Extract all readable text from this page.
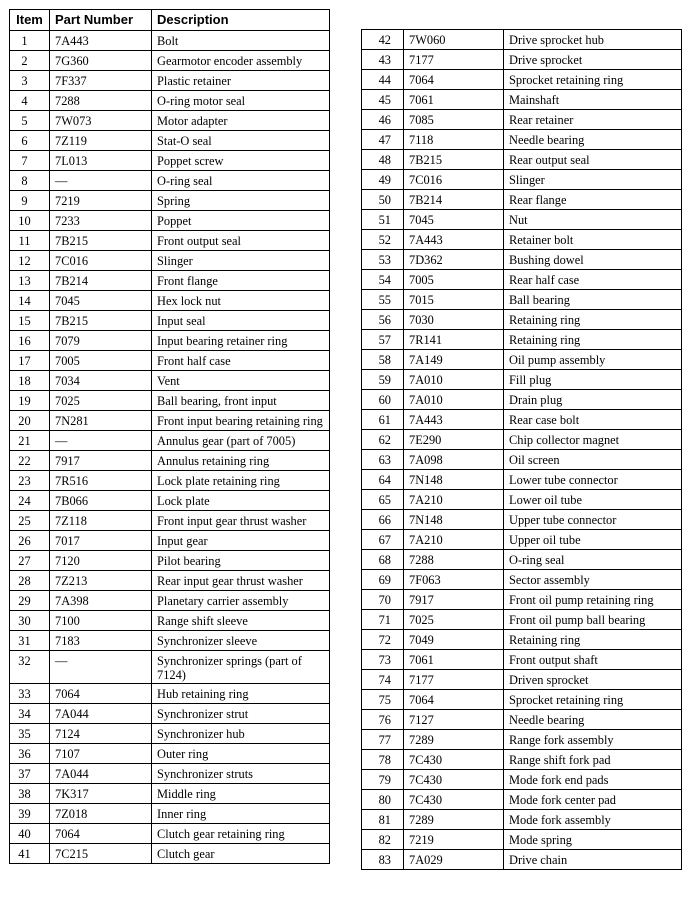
Item	Part Number	Description
1	7A443	Bolt
2	7G360	Gearmotor encoder assembly
3	7F337	Plastic retainer
4	7288	O-ring motor seal
5	7W073	Motor adapter
6	7Z119	Stat-O seal
7	7L013	Poppet screw
8	—	O-ring seal
9	7219	Spring
10	7233	Poppet
11	7B215	Front output seal
12	7C016	Slinger
13	7B214	Front flange
14	7045	Hex lock nut
15	7B215	Input seal
16	7079	Input bearing retainer ring
17	7005	Front half case
18	7034	Vent
19	7025	Ball bearing, front input
20	7N281	Front input bearing retaining ring
21	—	Annulus gear (part of 7005)
22	7917	Annulus retaining ring
23	7R516	Lock plate retaining ring
24	7B066	Lock plate
25	7Z118	Front input gear thrust washer
26	7017	Input gear
27	7120	Pilot bearing
28	7Z213	Rear input gear thrust washer
29	7A398	Planetary carrier assembly
30	7100	Range shift sleeve
31	7183	Synchronizer sleeve
32	—	Synchronizer springs (part of 7124)
33	7064	Hub retaining ring
34	7A044	Synchronizer strut
35	7124	Synchronizer hub
36	7107	Outer ring
37	7A044	Synchronizer struts
38	7K317	Middle ring
39	7Z018	Inner ring
40	7064	Clutch gear retaining ring
41	7C215	Clutch gear
42	7W060	Drive sprocket hub
43	7177	Drive sprocket
44	7064	Sprocket retaining ring
45	7061	Mainshaft
46	7085	Rear retainer
47	7118	Needle bearing
48	7B215	Rear output seal
49	7C016	Slinger
50	7B214	Rear flange
51	7045	Nut
52	7A443	Retainer bolt
53	7D362	Bushing dowel
54	7005	Rear half case
55	7015	Ball bearing
56	7030	Retaining ring
57	7R141	Retaining ring
58	7A149	Oil pump assembly
59	7A010	Fill plug
60	7A010	Drain plug
61	7A443	Rear case bolt
62	7E290	Chip collector magnet
63	7A098	Oil screen
64	7N148	Lower tube connector
65	7A210	Lower oil tube
66	7N148	Upper tube connector
67	7A210	Upper oil tube
68	7288	O-ring seal
69	7F063	Sector assembly
70	7917	Front oil pump retaining ring
71	7025	Front oil pump ball bearing
72	7049	Retaining ring
73	7061	Front output shaft
74	7177	Driven sprocket
75	7064	Sprocket retaining ring
76	7127	Needle bearing
77	7289	Range fork assembly
78	7C430	Range shift fork pad
79	7C430	Mode fork end pads
80	7C430	Mode fork center pad
81	7289	Mode fork assembly
82	7219	Mode spring
83	7A029	Drive chain
